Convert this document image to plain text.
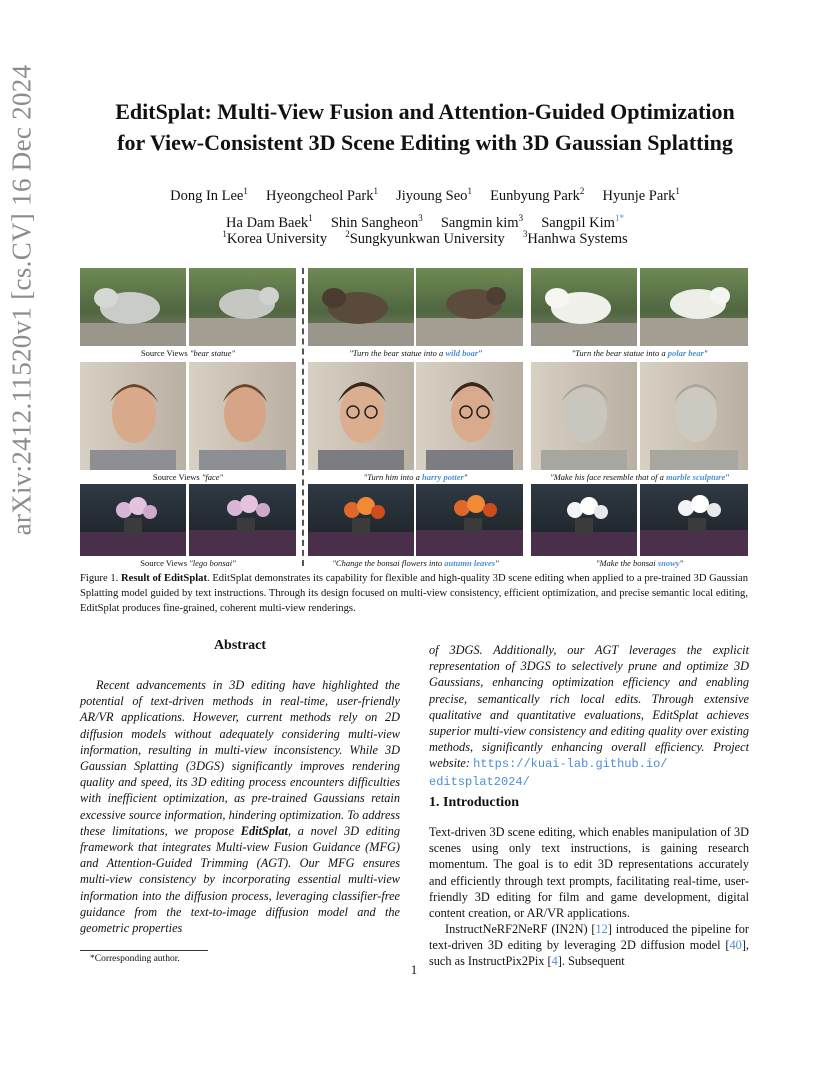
arXiv:2412.11520v1 [cs.CV] 16 Dec 2024	EditSplat: Multi-View Fusion and Attention-Guided Optimization
for View-Consistent 3D Scene Editing with 3D Gaussian Splatting
Dong In Lee$^1$ Hyeongcheol Park$^1$ Jiyoung Seo$^1$ Eunbyung Park$^2$ Hyunje Park$^1$
Ha Dam Baek$^1$ Shin Sangheon$^3$ Sangmin kim$^3$ Sangpil Kim$^{1*}$
$^1$Korea University $^2$Sungkyunkwan University $^3$Hanhwa Systems
Source Views "bear statue"	"Turn the bear statue into a wild boar"	"Turn the bear statue into a polar bear"
Source Views "face"	"Turn him into a harry potter"	"Make his face resemble that of a marble sculpture"
Source Views "lego bonsai"	"Change the bonsai flowers into autumn leaves"	"Make the bonsai snowy"
Figure 1. Result of EditSplat. EditSplat demonstrates its capability for flexible and high-quality 3D scene editing when applied to a pre-trained 3D Gaussian Splatting model guided by text instructions. Through its design focused on multi-view consistency, efficient optimization, and precise semantic local editing, EditSplat produces fine-grained, coherent multi-view renderings.
Abstract
Recent advancements in 3D editing have highlighted the potential of text-driven methods in real-time, user-friendly AR/VR applications. However, current methods rely on 2D diffusion models without adequately considering multi-view information, resulting in multi-view inconsistency. While 3D Gaussian Splatting (3DGS) significantly improves rendering quality and speed, its 3D editing process encounters difficulties with inefficient optimization, as pre-trained Gaussians retain excessive source information, hindering optimization. To address these limitations, we propose EditSplat, a novel 3D editing framework that integrates Multi-view Fusion Guidance (MFG) and Attention-Guided Trimming (AGT). Our MFG ensures multi-view consistency by incorporating essential multi-view information into the diffusion process, leveraging classifier-free guidance from the text-to-image diffusion model and the geometric properties
*Corresponding author.
of 3DGS. Additionally, our AGT leverages the explicit representation of 3DGS to selectively prune and optimize 3D Gaussians, enhancing optimization efficiency and enabling precise, semantically rich local edits. Through extensive qualitative and quantitative evaluations, EditSplat achieves superior multi-view consistency and editing quality over existing methods, significantly enhancing overall efficiency. Project website: https://kuai-lab.github.io/
editsplat2024/
1. Introduction
Text-driven 3D scene editing, which enables manipulation of 3D scenes using only text instructions, is gaining research momentum. The goal is to edit 3D representations accurately and efficiently through text prompts, facilitating real-time, user-friendly 3D editing for film and game development, digital content creation, or AR/VR applications.
InstructNeRF2NeRF (IN2N) [12] introduced the pipeline for text-driven 3D editing by leveraging 2D diffusion model [40], such as InstructPix2Pix [4]. Subsequent
1
